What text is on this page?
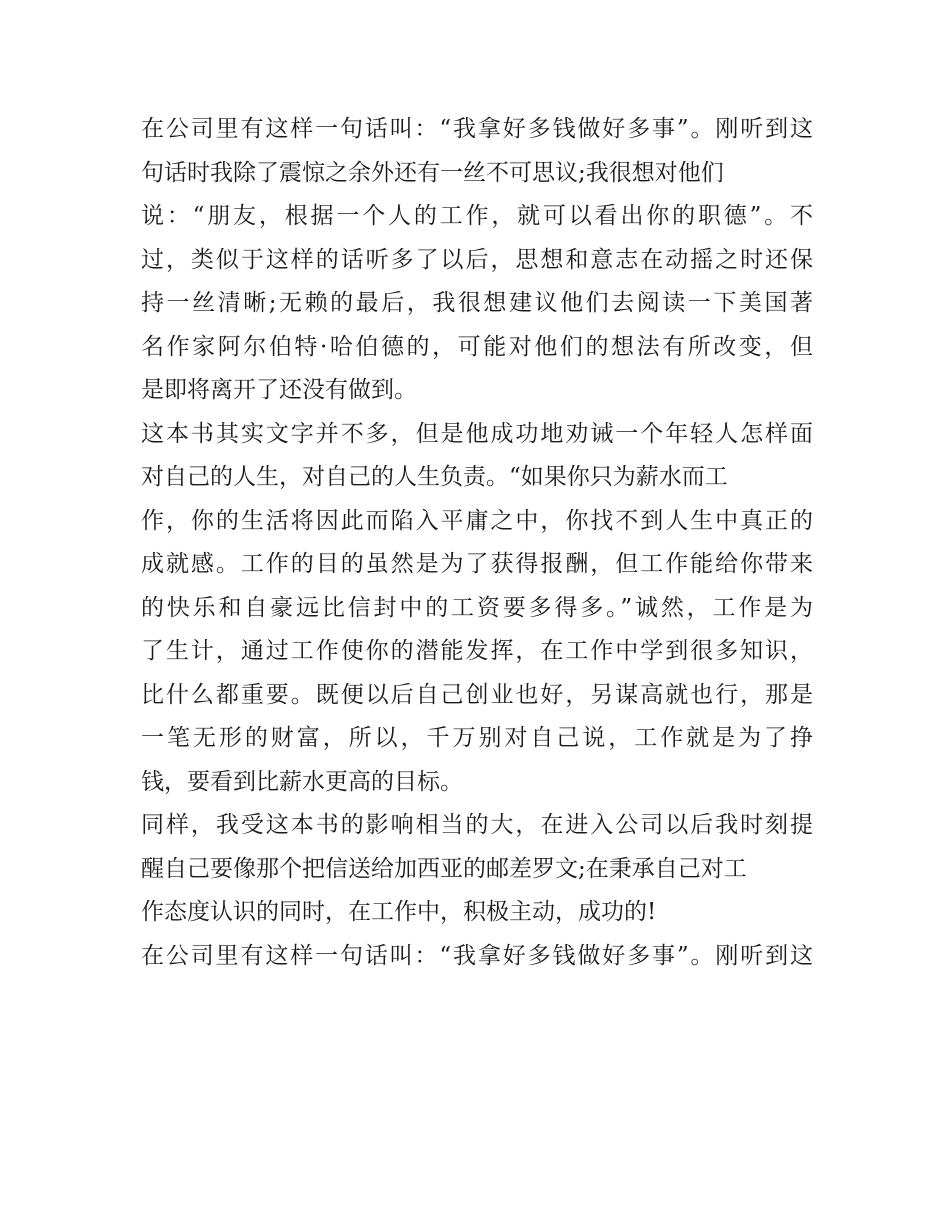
在公司里有这样一句话叫：“我拿好多钱做好多事”。刚听到这
句话时我除了震惊之余外还有一丝不可思议;我很想对他们
说：“朋友，根据一个人的工作，就可以看出你的职德”。不
过，类似于这样的话听多了以后，思想和意志在动摇之时还保
持一丝清晰;无赖的最后，我很想建议他们去阅读一下美国著
名作家阿尔伯特·哈伯德的，可能对他们的想法有所改变，但
是即将离开了还没有做到。
这本书其实文字并不多，但是他成功地劝诫一个年轻人怎样面
对自己的人生，对自己的人生负责。“如果你只为薪水而工
作，你的生活将因此而陷入平庸之中，你找不到人生中真正的
成就感。工作的目的虽然是为了获得报酬，但工作能给你带来
的快乐和自豪远比信封中的工资要多得多。”诚然，工作是为
了生计，通过工作使你的潜能发挥，在工作中学到很多知识，
比什么都重要。既便以后自己创业也好，另谋高就也行，那是
一笔无形的财富，所以，千万别对自己说，工作就是为了挣
钱，要看到比薪水更高的目标。
同样，我受这本书的影响相当的大，在进入公司以后我时刻提
醒自己要像那个把信送给加西亚的邮差罗文;在秉承自己对工
作态度认识的同时，在工作中，积极主动，成功的!
在公司里有这样一句话叫：“我拿好多钱做好多事”。刚听到这
